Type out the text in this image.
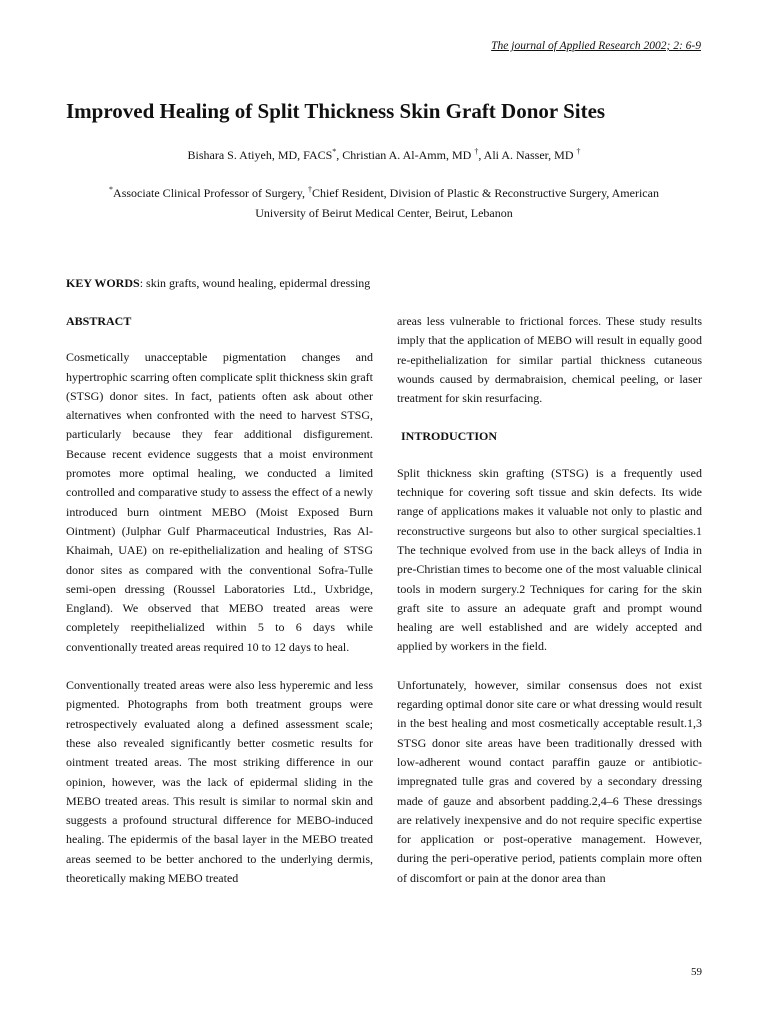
The journal of Applied Research 2002; 2: 6-9
Improved Healing of Split Thickness Skin Graft Donor Sites
Bishara S. Atiyeh, MD, FACS*, Christian A. Al-Amm, MD †, Ali A. Nasser, MD †
*Associate Clinical Professor of Surgery, †Chief Resident, Division of Plastic & Reconstructive Surgery, American
University of Beirut Medical Center, Beirut, Lebanon
KEY WORDS: skin grafts, wound healing, epidermal dressing
ABSTRACT

Cosmetically unacceptable pigmentation changes and hypertrophic scarring often complicate split thickness skin graft (STSG) donor sites. In fact, patients often ask about other alternatives when confronted with the need to harvest STSG, particularly because they fear additional disfigurement. Because recent evidence suggests that a moist environment promotes more optimal healing, we conducted a limited controlled and comparative study to assess the effect of a newly introduced burn ointment MEBO (Moist Exposed Burn Ointment) (Julphar Gulf Pharmaceutical Industries, Ras Al-Khaimah, UAE) on re-epithelialization and healing of STSG donor sites as compared with the conventional Sofra-Tulle semi-open dressing (Roussel Laboratories Ltd., Uxbridge, England). We observed that MEBO treated areas were completely reepithelialized within 5 to 6 days while conventionally treated areas required 10 to 12 days to heal.

Conventionally treated areas were also less hyperemic and less pigmented. Photographs from both treatment groups were retrospectively evaluated along a defined assessment scale; these also revealed significantly better cosmetic results for ointment treated areas. The most striking difference in our opinion, however, was the lack of epidermal sliding in the MEBO treated areas. This result is similar to normal skin and suggests a profound structural difference for MEBO-induced healing. The epidermis of the basal layer in the MEBO treated areas seemed to be better anchored to the underlying dermis, theoretically making MEBO treated

areas less vulnerable to frictional forces. These study results imply that the application of MEBO will result in equally good re-epithelialization for similar partial thickness cutaneous wounds caused by dermabraision, chemical peeling, or laser treatment for skin resurfacing.

INTRODUCTION

Split thickness skin grafting (STSG) is a frequently used technique for covering soft tissue and skin defects. Its wide range of applications makes it valuable not only to plastic and reconstructive surgeons but also to other surgical specialties.1 The technique evolved from use in the back alleys of India in pre-Christian times to become one of the most valuable clinical tools in modern surgery.2 Techniques for caring for the skin graft site to assure an adequate graft and prompt wound healing are well established and are widely accepted and applied by workers in the field.

Unfortunately, however, similar consensus does not exist regarding optimal donor site care or what dressing would result in the best healing and most cosmetically acceptable result.1,3 STSG donor site areas have been traditionally dressed with low-adherent wound contact paraffin gauze or antibiotic-impregnated tulle gras and covered by a secondary dressing made of gauze and absorbent padding.2,4–6 These dressings are relatively inexpensive and do not require specific expertise for application or post-operative management. However, during the peri-operative period, patients complain more often of discomfort or pain at the donor area than

59
